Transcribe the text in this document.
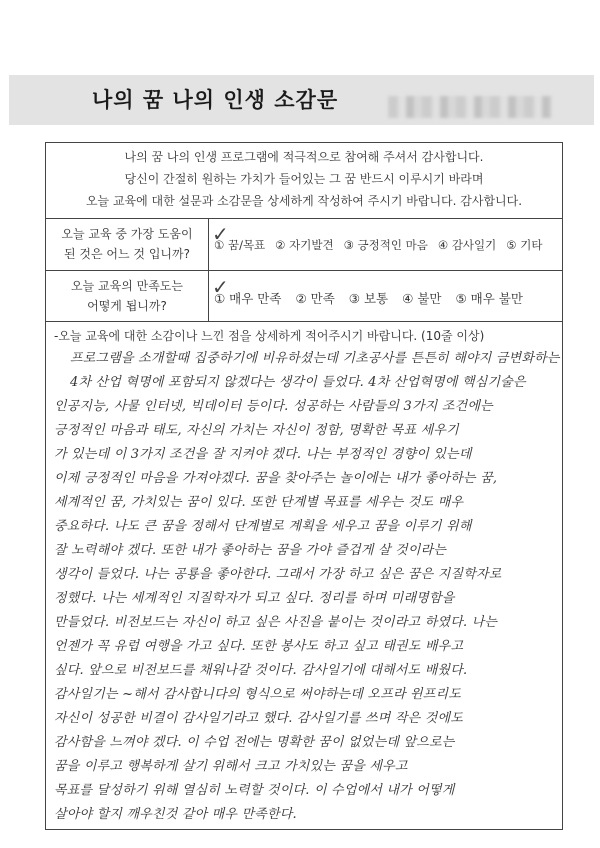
나의 꿈 나의 인생 소감문
나의 꿈 나의 인생 프로그램에 적극적으로 참여해 주셔서 감사합니다.
당신이 간절히 원하는 가치가 들어있는 그 꿈 반드시 이루시기 바라며
오늘 교육에 대한 설문과 소감문을 상세하게 작성하여 주시기 바랍니다. 감사합니다.
오늘 교육 중 가장 도움이
된 것은 어느 것 입니까?
① 꿈/목표 ② 자기발견 ③ 긍정적인 마음 ④ 감사일기 ⑤ 기타
✓
오늘 교육의 만족도는
어떻게 됩니까?	① 매우 만족 ② 만족 ③ 보통 ④ 불만 ⑤ 매우 불만
✓
-오늘 교육에 대한 소감이나 느낀 점을 상세하게 적어주시기 바랍니다. (10줄 이상)
프로그램을 소개할때 집중하기에 비유하셨는데 기초공사를 튼튼히 해야지 금변화하는
4차 산업 혁명에 포함되지 않겠다는 생각이 들었다. 4차 산업혁명에 핵심기술은
인공지능, 사물 인터넷, 빅데이터 등이다. 성공하는 사람들의 3가지 조건에는
긍정적인 마음과 태도, 자신의 가치는 자신이 정함, 명확한 목표 세우기
가 있는데 이 3가지 조건을 잘 지켜야 겠다. 나는 부정적인 경향이 있는데
이제 긍정적인 마음을 가져야겠다. 꿈을 찾아주는 놀이에는 내가 좋아하는 꿈,
세계적인 꿈, 가치있는 꿈이 있다. 또한 단계별 목표를 세우는 것도 매우
중요하다. 나도 큰 꿈을 정해서 단계별로 계획을 세우고 꿈을 이루기 위해
잘 노력해야 겠다. 또한 내가 좋아하는 꿈을 가야 즐겁게 살 것이라는
생각이 들었다. 나는 공룡을 좋아한다. 그래서 가장 하고 싶은 꿈은 지질학자로
정했다. 나는 세계적인 지질학자가 되고 싶다. 정리를 하며 미래명함을
만들었다. 비전보드는 자신이 하고 싶은 사진을 붙이는 것이라고 하였다. 나는
언젠가 꼭 유럽 여행을 가고 싶다. 또한 봉사도 하고 싶고 태권도 배우고
싶다. 앞으로 비전보드를 채워나갈 것이다. 감사일기에 대해서도 배웠다.
감사일기는 ~해서 감사합니다의 형식으로 써야하는데 오프라 윈프리도
자신이 성공한 비결이 감사일기라고 했다. 감사일기를 쓰며 작은 것에도
감사함을 느껴야 겠다. 이 수업 전에는 명확한 꿈이 없었는데 앞으로는
꿈을 이루고 행복하게 살기 위해서 크고 가치있는 꿈을 세우고
목표를 달성하기 위해 열심히 노력할 것이다. 이 수업에서 내가 어떻게
살아야 할지 깨우친것 같아 매우 만족한다.
